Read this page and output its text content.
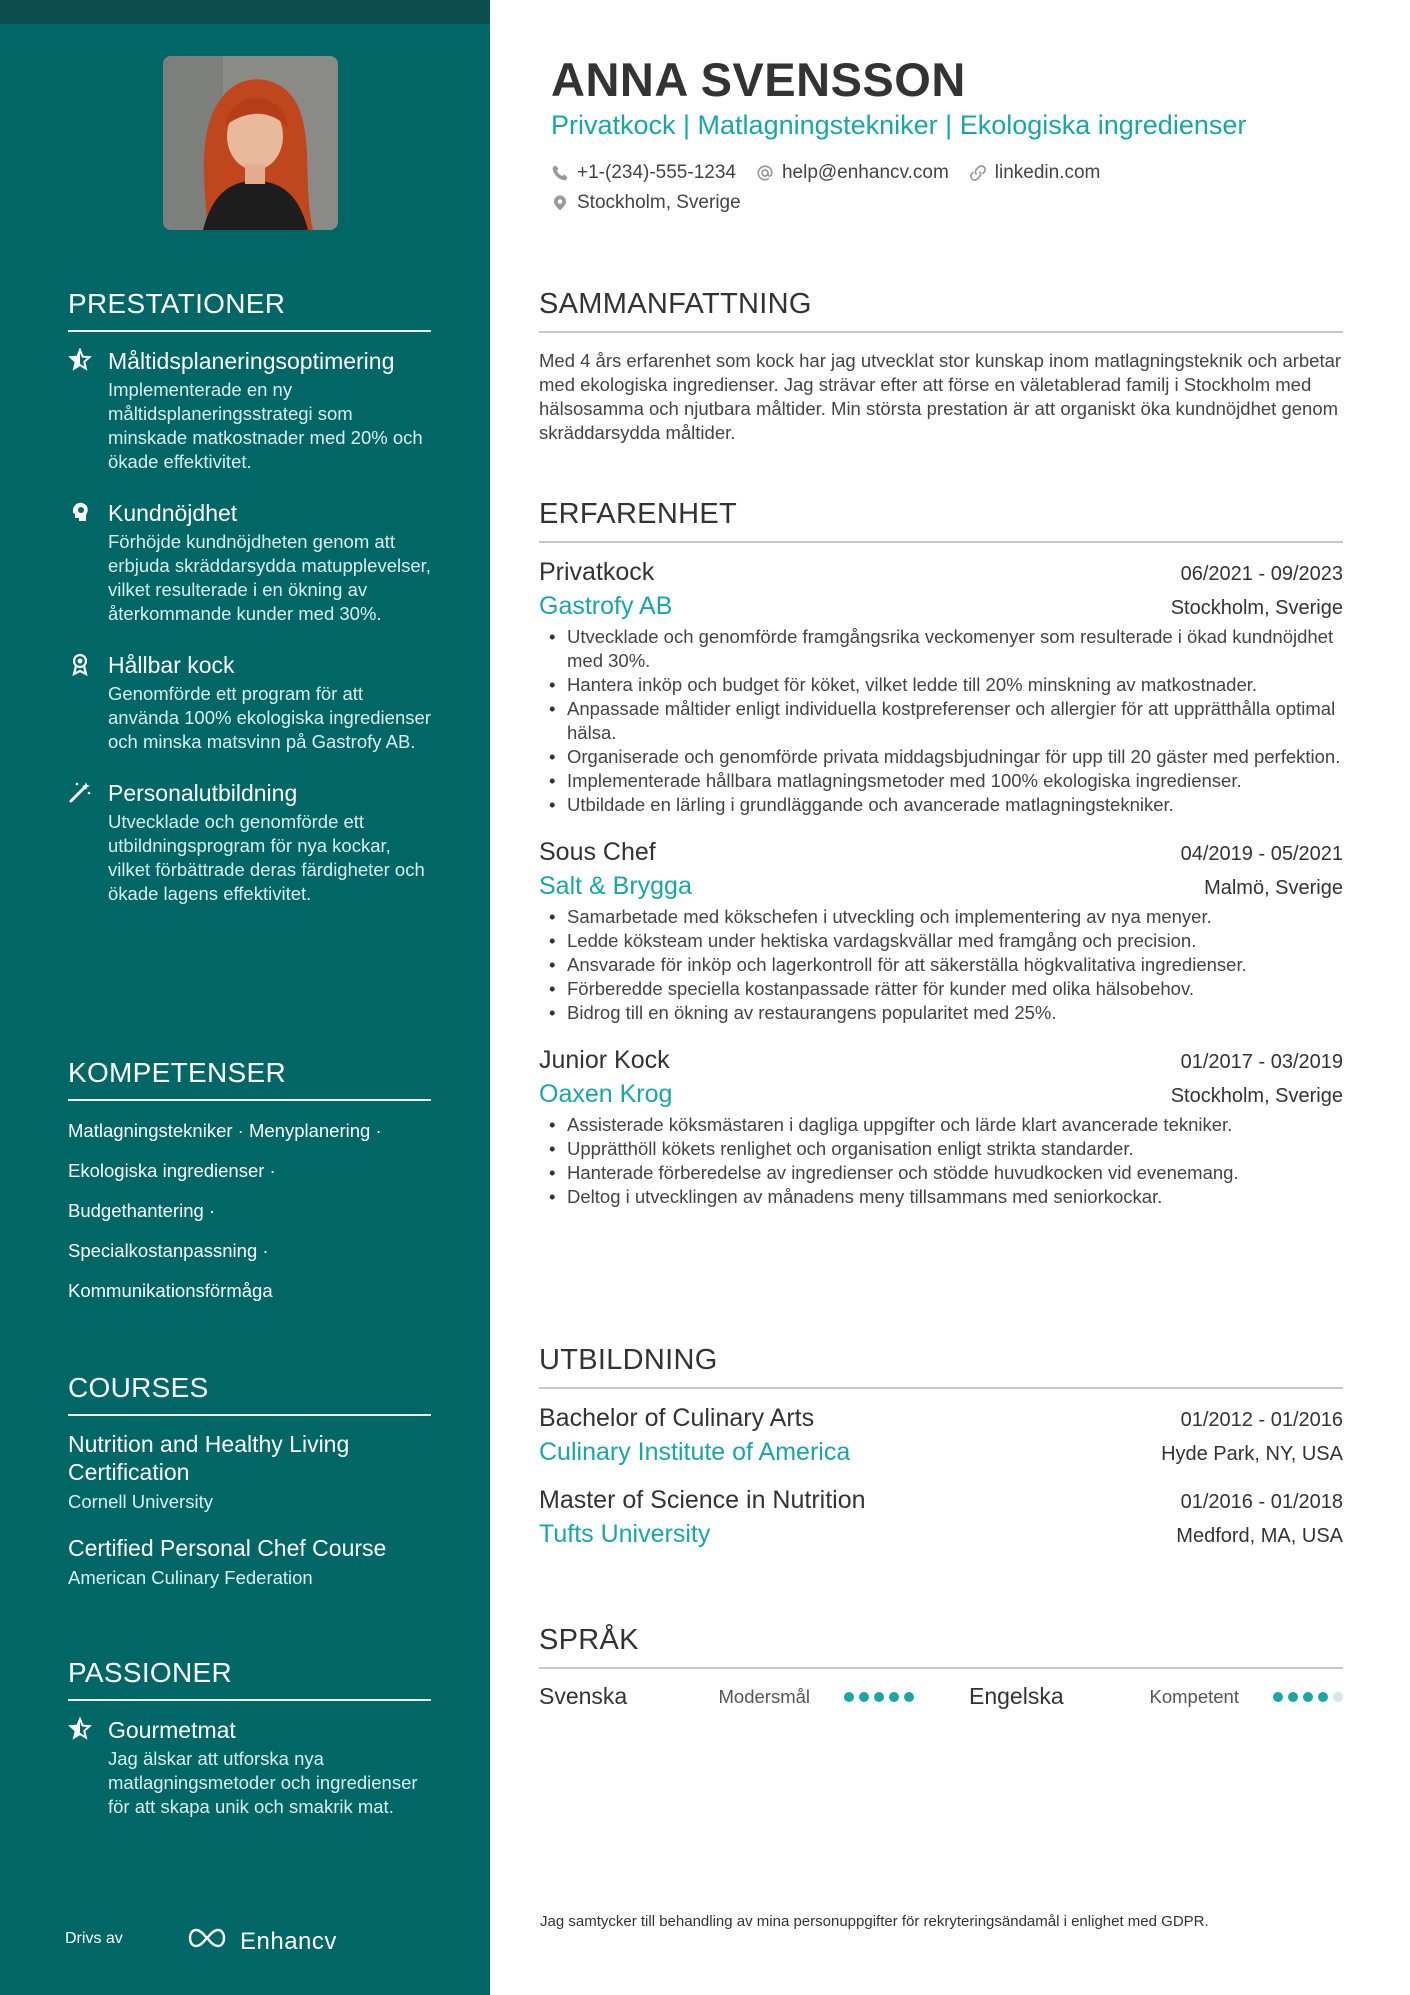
PRESTATIONER
Måltidsplaneringsoptimering
Implementerade en ny måltidsplaneringsstrategi som minskade matkostnader med 20% och ökade effektivitet.
Kundnöjdhet
Förhöjde kundnöjdheten genom att erbjuda skräddarsydda matupplevelser, vilket resulterade i en ökning av återkommande kunder med 30%.
Hållbar kock
Genomförde ett program för att använda 100% ekologiska ingredienser och minska matsvinn på Gastrofy AB.
Personalutbildning
Utvecklade och genomförde ett utbildningsprogram för nya kockar, vilket förbättrade deras färdigheter och ökade lagens effektivitet.
KOMPETENSER
Matlagningstekniker · Menyplanering ·
Ekologiska ingredienser ·
Budgethantering ·
Specialkostanpassning ·
Kommunikationsförmåga
COURSES
Nutrition and Healthy Living Certification
Cornell University
Certified Personal Chef Course
American Culinary Federation
PASSIONER
Gourmetmat
Jag älskar att utforska nya matlagningsmetoder och ingredienser för att skapa unik och smakrik mat.
Drivs av	Enhancv
ANNA SVENSSON
Privatkock | Matlagningstekniker | Ekologiska ingredienser
+1-(234)-555-1234 help@enhancv.com linkedin.com
Stockholm, Sverige
SAMMANFATTNING
Med 4 års erfarenhet som kock har jag utvecklat stor kunskap inom matlagningsteknik och arbetar med ekologiska ingredienser. Jag strävar efter att förse en väletablerad familj i Stockholm med hälsosamma och njutbara måltider. Min största prestation är att organiskt öka kundnöjdhet genom skräddarsydda måltider.
ERFARENHET
Privatkock	06/2021 - 09/2023
Gastrofy AB	Stockholm, Sverige
• Utvecklade och genomförde framgångsrika veckomenyer som resulterade i ökad kundnöjdhet med 30%.
• Hantera inköp och budget för köket, vilket ledde till 20% minskning av matkostnader.
• Anpassade måltider enligt individuella kostpreferenser och allergier för att upprätthålla optimal hälsa.
• Organiserade och genomförde privata middagsbjudningar för upp till 20 gäster med perfektion.
• Implementerade hållbara matlagningsmetoder med 100% ekologiska ingredienser.
• Utbildade en lärling i grundläggande och avancerade matlagningstekniker.
Sous Chef	04/2019 - 05/2021
Salt & Brygga	Malmö, Sverige
• Samarbetade med kökschefen i utveckling och implementering av nya menyer.
• Ledde köksteam under hektiska vardagskvällar med framgång och precision.
• Ansvarade för inköp och lagerkontroll för att säkerställa högkvalitativa ingredienser.
• Förberedde speciella kostanpassade rätter för kunder med olika hälsobehov.
• Bidrog till en ökning av restaurangens popularitet med 25%.
Junior Kock	01/2017 - 03/2019
Oaxen Krog	Stockholm, Sverige
• Assisterade köksmästaren i dagliga uppgifter och lärde klart avancerade tekniker.
• Upprätthöll kökets renlighet och organisation enligt strikta standarder.
• Hanterade förberedelse av ingredienser och stödde huvudkocken vid evenemang.
• Deltog i utvecklingen av månadens meny tillsammans med seniorkockar.
UTBILDNING
Bachelor of Culinary Arts	01/2012 - 01/2016
Culinary Institute of America	Hyde Park, NY, USA
Master of Science in Nutrition	01/2016 - 01/2018
Tufts University	Medford, MA, USA
SPRÅK
Svenska	Modersmål	Engelska	Kompetent
Jag samtycker till behandling av mina personuppgifter för rekryteringsändamål i enlighet med GDPR.
